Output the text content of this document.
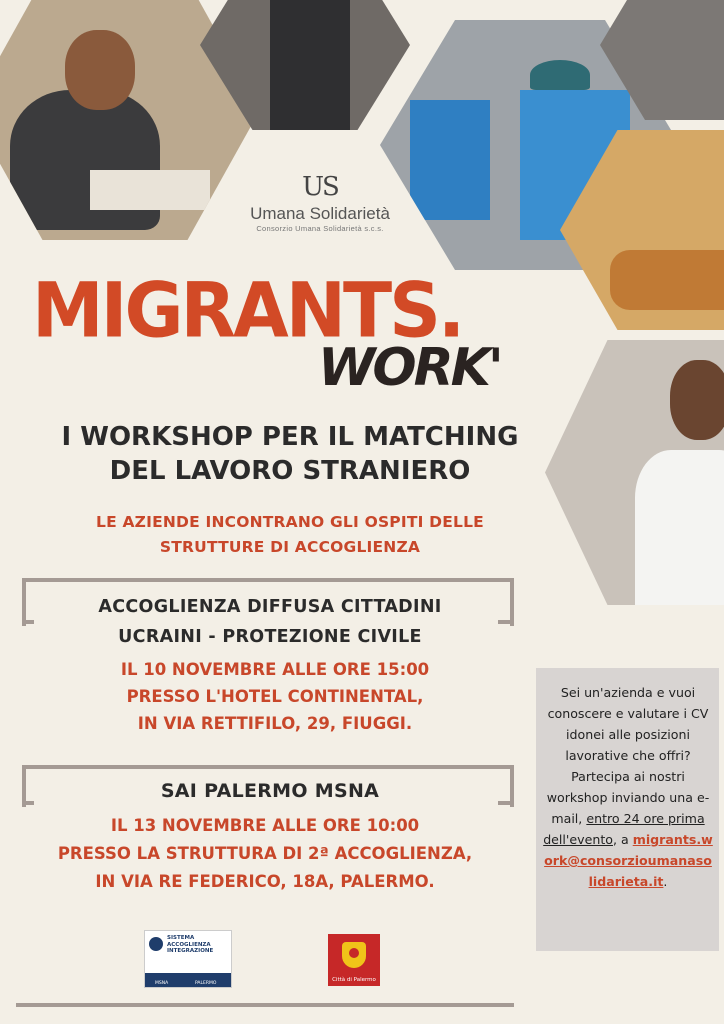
US
Umana Solidarietà
Consorzio Umana Solidarietà s.c.s.
MIGRANTS.
WORK'
I WORKSHOP PER IL MATCHING
DEL LAVORO STRANIERO
LE AZIENDE INCONTRANO GLI OSPITI DELLE
STRUTTURE DI ACCOGLIENZA
ACCOGLIENZA DIFFUSA CITTADINI
UCRAINI - PROTEZIONE CIVILE
IL 10 NOVEMBRE ALLE ORE 15:00
PRESSO L'HOTEL CONTINENTAL,
IN VIA RETTIFILO, 29, FIUGGI.
SAI PALERMO MSNA
IL 13 NOVEMBRE ALLE ORE 10:00
PRESSO LA STRUTTURA DI 2ª ACCOGLIENZA,
IN VIA RE FEDERICO, 18A, PALERMO.
Sei un'azienda e vuoi conoscere e valutare i CV idonei alle posizioni lavorative che offri? Partecipa ai nostri workshop inviando una e-mail, entro 24 ore prima dell'evento, a migrants.work@consorzioumanasolidarieta.it.
SISTEMA
ACCOGLIENZA
INTEGRAZIONE
MSNA	PALERMO
Città di Palermo
